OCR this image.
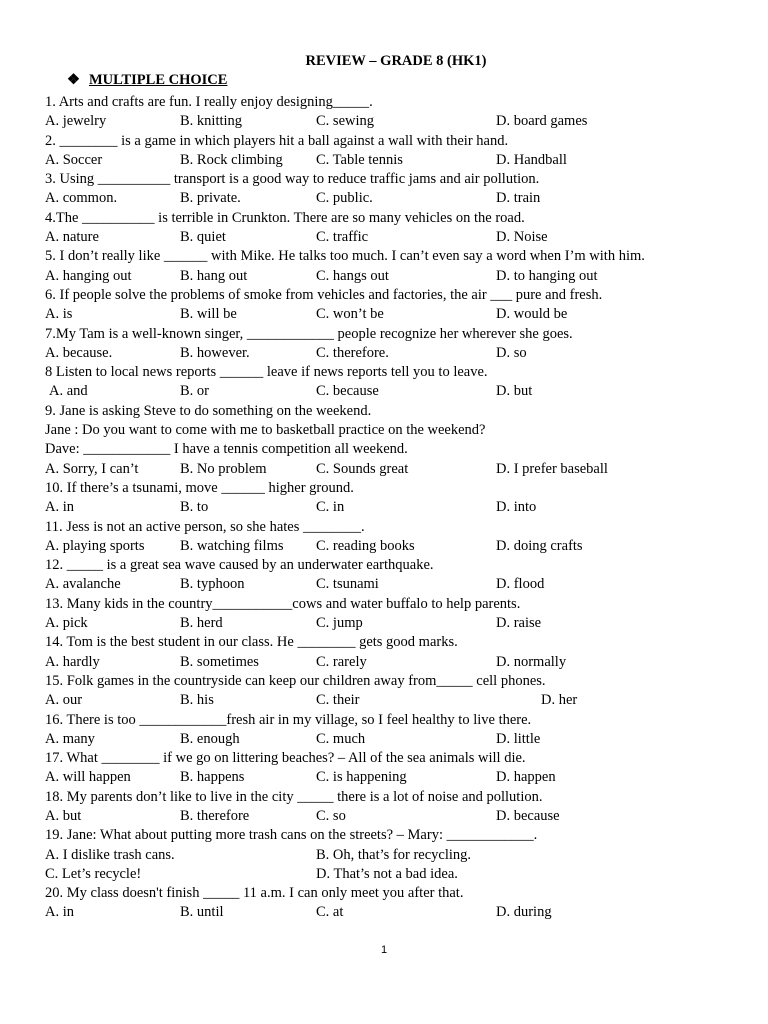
REVIEW – GRADE 8 (HK1)
❖ MULTIPLE CHOICE
1. Arts and crafts are fun. I really enjoy designing_____.
A. jewelry	B. knitting	C. sewing	D. board games
2. ________ is a game in which players hit a ball against a wall with their hand.
A. Soccer	B. Rock climbing C. Table tennis	D. Handball
3. Using __________ transport is a good way to reduce traffic jams and air pollution.
A. common.	B. private.	C. public.	D. train
4.The __________ is terrible in Crunkton. There are so many vehicles on the road.
A. nature	B. quiet	C. traffic	D. Noise
5. I don’t really like ______ with Mike. He talks too much. I can’t even say a word when I’m with him.
A. hanging out	B. hang out	C. hangs out	D. to hanging out
6. If people solve the problems of smoke from vehicles and factories, the air ___ pure and fresh.
A. is	B. will be	C. won’t be	D. would be
7.My Tam is a well-known singer, ____________ people recognize her wherever she goes.
A. because.	B. however.	C. therefore.	D. so
8 Listen to local news reports ______ leave if news reports tell you to leave.
A. and	B. or	C. because	D. but
9. Jane is asking Steve to do something on the weekend.
Jane : Do you want to come with me to basketball practice on the weekend?
Dave: ____________ I have a tennis competition all weekend.
A. Sorry, I can’t	B. No problem	C. Sounds great	D. I prefer baseball
10. If there’s a tsunami, move ______ higher ground.
A. in	B. to	C. in	D. into
11. Jess is not an active person, so she hates ________.
A. playing sports B. watching films C. reading books	D. doing crafts
12. _____ is a great sea wave caused by an underwater earthquake.
A. avalanche	B. typhoon	C. tsunami	D. flood
13. Many kids in the country___________cows and water buffalo to help parents.
A. pick	B. herd	C. jump	D. raise
14. Tom is the best student in our class. He ________ gets good marks.
A. hardly	B. sometimes	C. rarely	D. normally
15. Folk games in the countryside can keep our children away from_____ cell phones.
A. our	B. his	C. their	D. her
16. There is too ____________fresh air in my village, so I feel healthy to live there.
A. many	B. enough	C. much	D. little
17. What ________ if we go on littering beaches? – All of the sea animals will die.
A. will happen	B. happens	C. is happening	D. happen
18. My parents don’t like to live in the city _____ there is a lot of noise and pollution.
A. but	B. therefore	C. so	D. because
19. Jane: What about putting more trash cans on the streets? – Mary: ____________.
A. I dislike trash cans.	B. Oh, that’s for recycling.
C. Let’s recycle!	D. That’s not a bad idea.
20. My class doesn't finish _____ 11 a.m. I can only meet you after that.
A. in	B. until	C. at	D. during
1
